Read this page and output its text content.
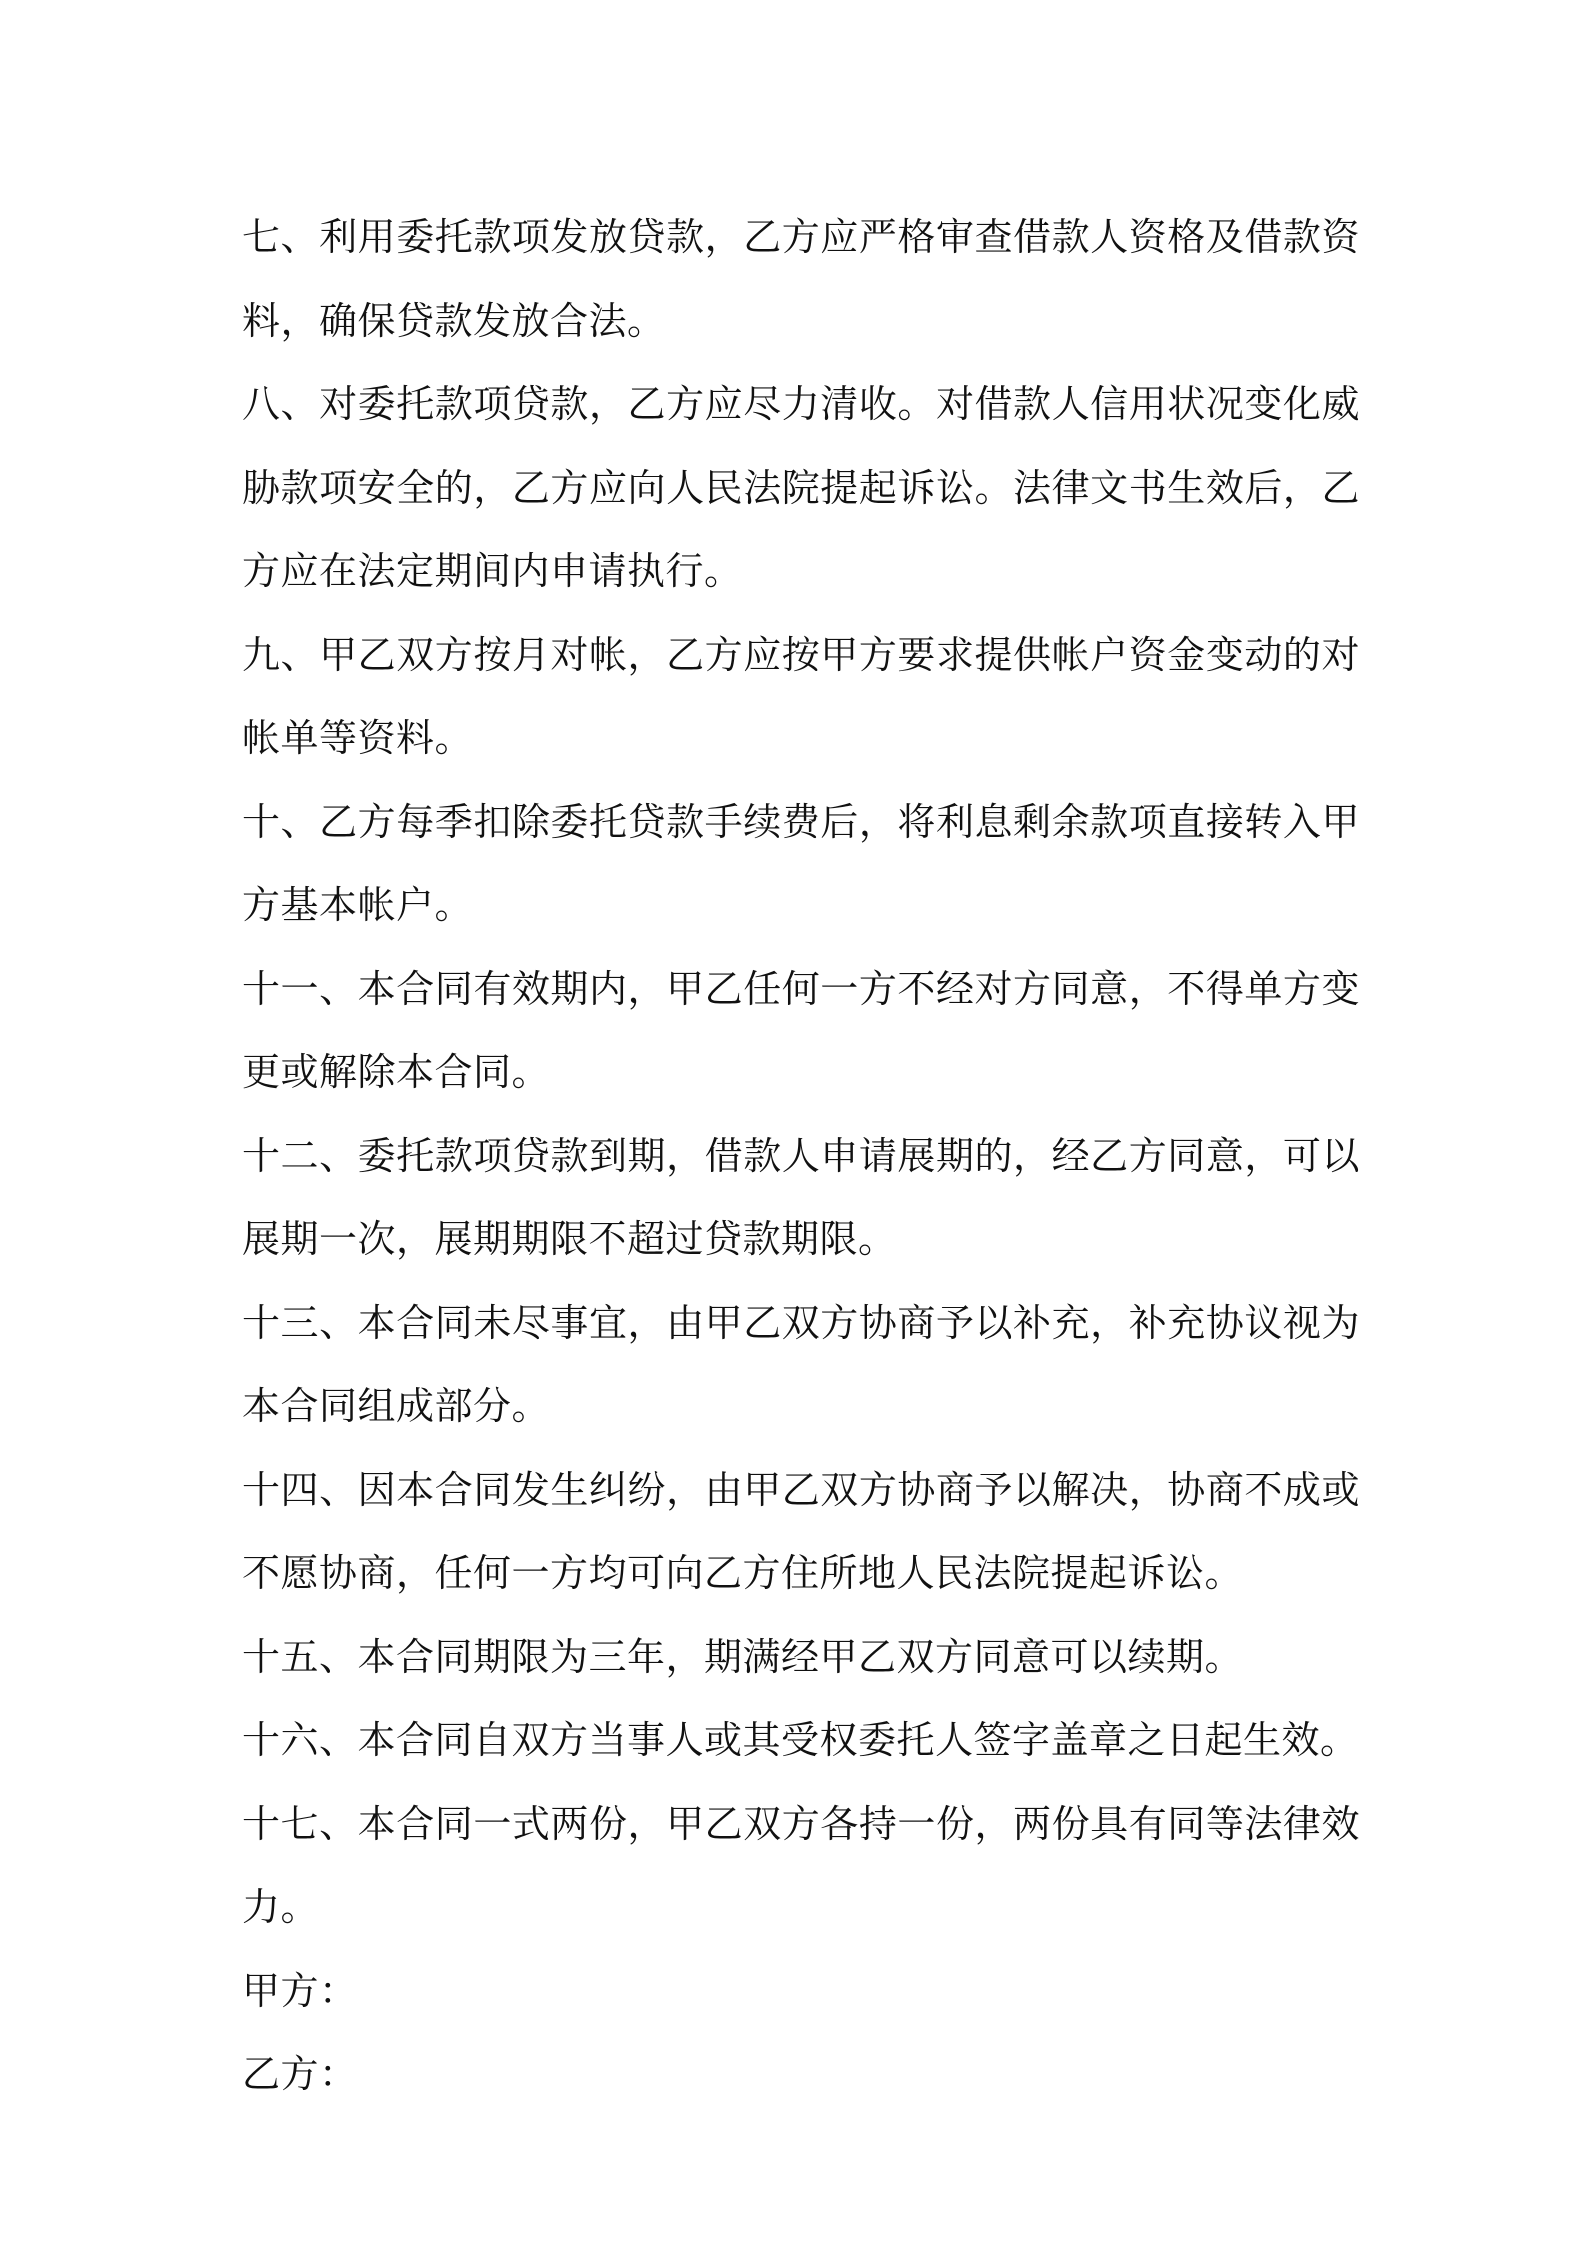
七、利用委托款项发放贷款，乙方应严格审查借款人资格及借款资料，确保贷款发放合法。

八、对委托款项贷款，乙方应尽力清收。对借款人信用状况变化威胁款项安全的，乙方应向人民法院提起诉讼。法律文书生效后，乙方应在法定期间内申请执行。

九、甲乙双方按月对帐，乙方应按甲方要求提供帐户资金变动的对帐单等资料。

十、乙方每季扣除委托贷款手续费后，将利息剩余款项直接转入甲方基本帐户。

十一、本合同有效期内，甲乙任何一方不经对方同意，不得单方变更或解除本合同。

十二、委托款项贷款到期，借款人申请展期的，经乙方同意，可以展期一次，展期期限不超过贷款期限。

十三、本合同未尽事宜，由甲乙双方协商予以补充，补充协议视为本合同组成部分。

十四、因本合同发生纠纷，由甲乙双方协商予以解决，协商不成或不愿协商，任何一方均可向乙方住所地人民法院提起诉讼。

十五、本合同期限为三年，期满经甲乙双方同意可以续期。

十六、本合同自双方当事人或其受权委托人签字盖章之日起生效。

十七、本合同一式两份，甲乙双方各持一份，两份具有同等法律效力。

甲方：

乙方：
